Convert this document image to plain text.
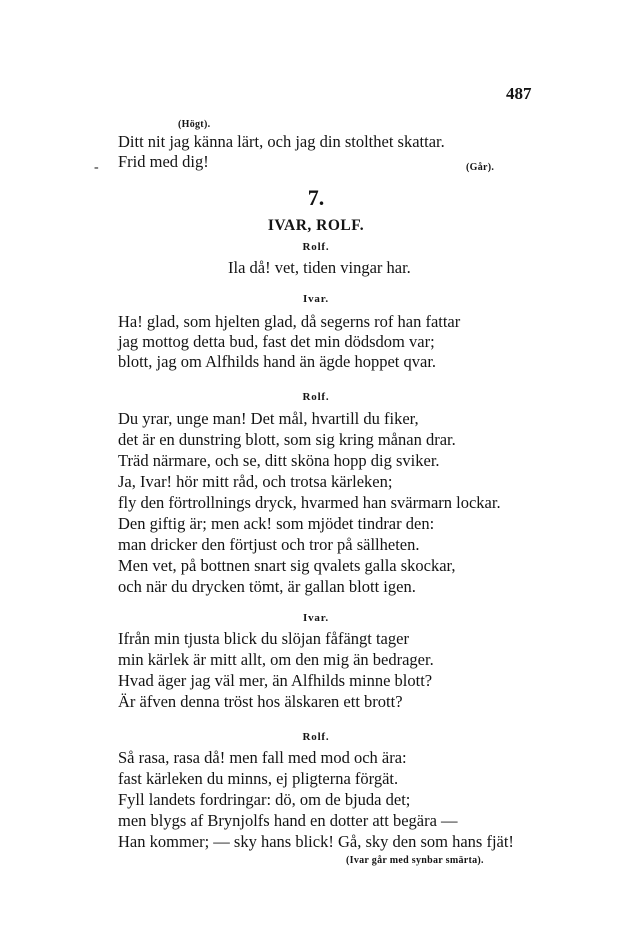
487
(Högt).
Ditt nit jag känna lärt, och jag din stolthet skattar.
- Frid med dig!	(Går).
7.
IVAR, ROLF.
Rolf.
Ila då! vet, tiden vingar har.
Ivar.
Ha! glad, som hjelten glad, då segerns rof han fattar
jag mottog detta bud, fast det min dödsdom var;
blott, jag om Alfhilds hand än ägde hoppet qvar.
Rolf.
Du yrar, unge man! Det mål, hvartill du fiker,
det är en dunstring blott, som sig kring månan drar.
Träd närmare, och se, ditt sköna hopp dig sviker.
Ja, Ivar! hör mitt råd, och trotsa kärleken;
fly den förtrollnings dryck, hvarmed han svärmarn lockar.
Den giftig är; men ack! som mjödet tindrar den:
man dricker den förtjust och tror på sällheten.
Men vet, på bottnen snart sig qvalets galla skockar,
och när du drycken tömt, är gallan blott igen.
Ivar.
Ifrån min tjusta blick du slöjan fåfängt tager
min kärlek är mitt allt, om den mig än bedrager.
Hvad äger jag väl mer, än Alfhilds minne blott?
Är äfven denna tröst hos älskaren ett brott?
Rolf.
Så rasa, rasa då! men fall med mod och ära:
fast kärleken du minns, ej pligterna förgät.
Fyll landets fordringar: dö, om de bjuda det;
men blygs af Brynjolfs hand en dotter att begära —
Han kommer; — sky hans blick! Gå, sky den som hans fjät!
(Ivar går med synbar smärta).
